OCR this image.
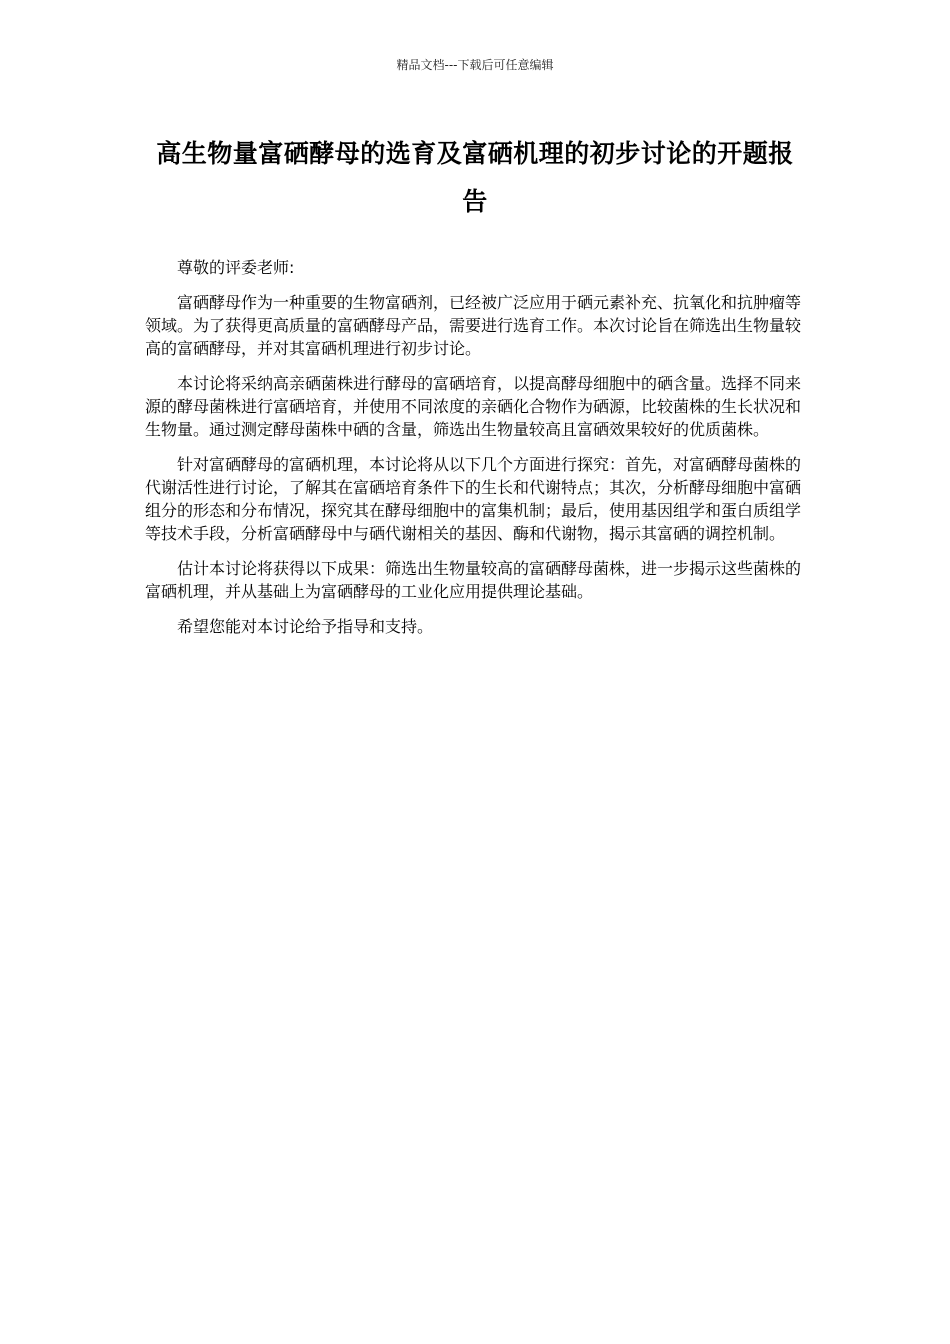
精品文档---下载后可任意编辑
高生物量富硒酵母的选育及富硒机理的初步讨论的开题报告

尊敬的评委老师:

富硒酵母作为一种重要的生物富硒剂，已经被广泛应用于硒元素补充、抗氧化和抗肿瘤等领域。为了获得更高质量的富硒酵母产品，需要进行选育工作。本次讨论旨在筛选出生物量较高的富硒酵母，并对其富硒机理进行初步讨论。

本讨论将采纳高亲硒菌株进行酵母的富硒培育，以提高酵母细胞中的硒含量。选择不同来源的酵母菌株进行富硒培育，并使用不同浓度的亲硒化合物作为硒源，比较菌株的生长状况和生物量。通过测定酵母菌株中硒的含量，筛选出生物量较高且富硒效果较好的优质菌株。

针对富硒酵母的富硒机理，本讨论将从以下几个方面进行探究：首先，对富硒酵母菌株的代谢活性进行讨论，了解其在富硒培育条件下的生长和代谢特点；其次，分析酵母细胞中富硒组分的形态和分布情况，探究其在酵母细胞中的富集机制；最后，使用基因组学和蛋白质组学等技术手段，分析富硒酵母中与硒代谢相关的基因、酶和代谢物，揭示其富硒的调控机制。

估计本讨论将获得以下成果：筛选出生物量较高的富硒酵母菌株，进一步揭示这些菌株的富硒机理，并从基础上为富硒酵母的工业化应用提供理论基础。

希望您能对本讨论给予指导和支持。
